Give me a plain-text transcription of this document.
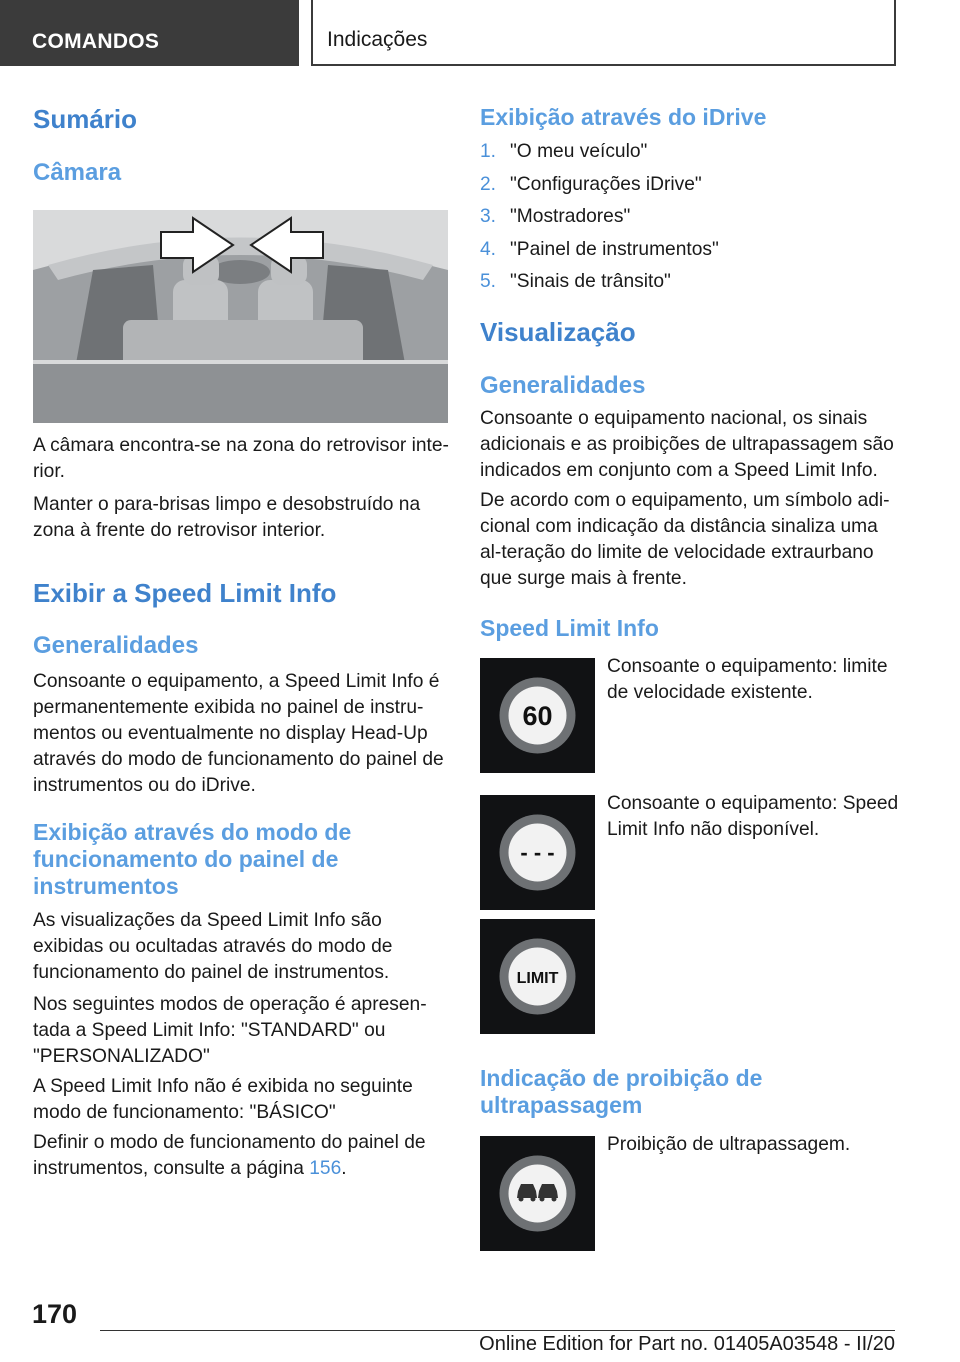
COMANDOS	Indicações
Sumário
Câmara
A câmara encontra-se na zona do retrovisor inte-rior.
Manter o para-brisas limpo e desobstruído na zona à frente do retrovisor interior.
Exibir a Speed Limit Info
Generalidades
Consoante o equipamento, a Speed Limit Info é permanentemente exibida no painel de instru-mentos ou eventualmente no display Head-Up através do modo de funcionamento do painel de instrumentos ou do iDrive.
Exibição através do modo de funcionamento do painel de instrumentos
As visualizações da Speed Limit Info são exibidas ou ocultadas através do modo de funcionamento do painel de instrumentos.
Nos seguintes modos de operação é apresen-tada a Speed Limit Info: "STANDARD" ou "PERSONALIZADO"
A Speed Limit Info não é exibida no seguinte modo de funcionamento: "BÁSICO"
Definir o modo de funcionamento do painel de instrumentos, consulte a página 156.
Exibição através do iDrive
1. "O meu veículo"
2. "Configurações iDrive"
3. "Mostradores"
4. "Painel de instrumentos"
5. "Sinais de trânsito"
Visualização
Generalidades
Consoante o equipamento nacional, os sinais adicionais e as proibições de ultrapassagem são indicados em conjunto com a Speed Limit Info.
De acordo com o equipamento, um símbolo adi-cional com indicação da distância sinaliza uma al-teração do limite de velocidade extraurbano que surge mais à frente.
Speed Limit Info
60
Consoante o equipamento: limite de velocidade existente.
- - -
Consoante o equipamento: Speed Limit Info não disponível.
LIMIT
Indicação de proibição de ultrapassagem
Proibição de ultrapassagem.
170
Online Edition for Part no. 01405A03548 - II/20
